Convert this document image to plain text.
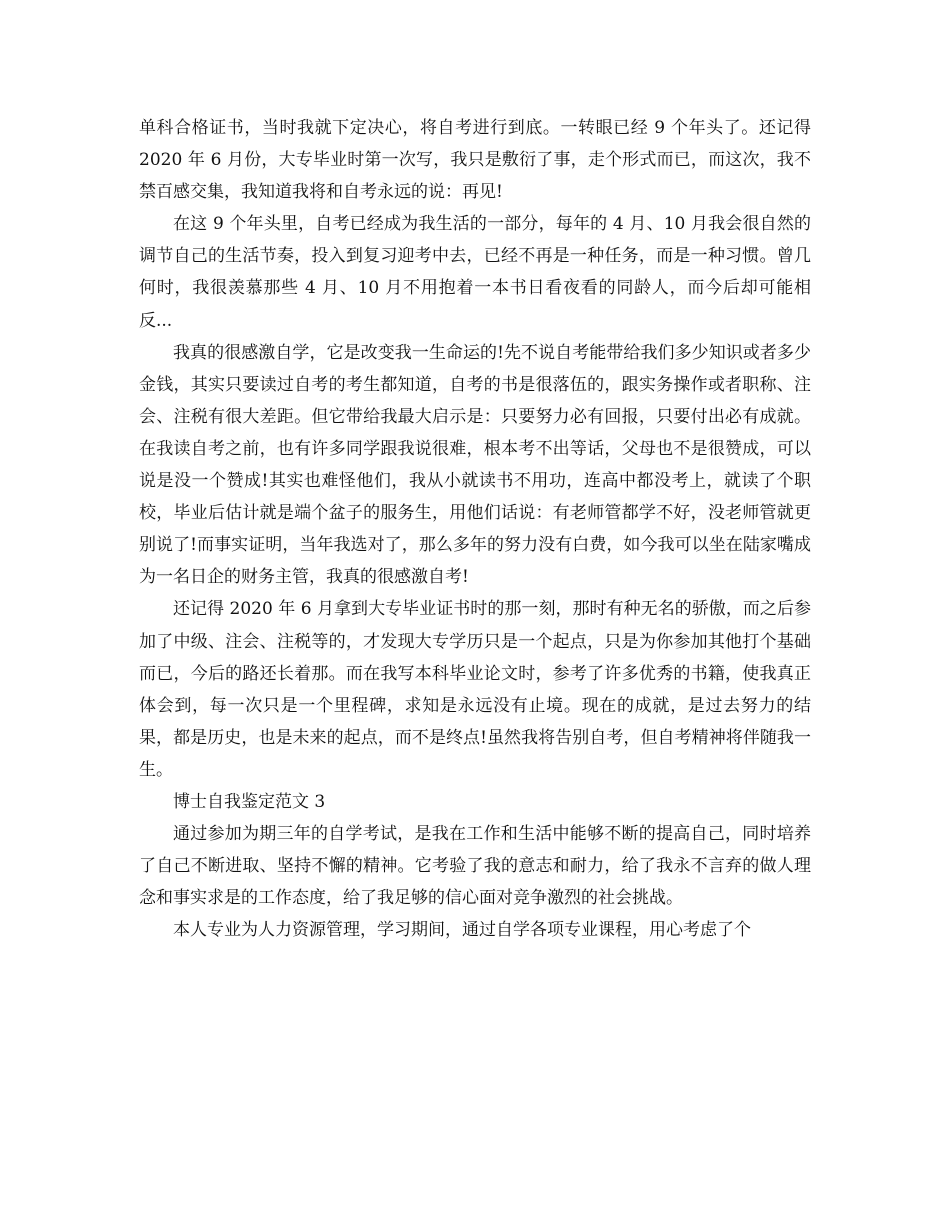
单科合格证书，当时我就下定决心，将自考进行到底。一转眼已经 9 个年头了。还记得 2020 年 6 月份，大专毕业时第一次写，我只是敷衍了事，走个形式而已，而这次，我不禁百感交集，我知道我将和自考永远的说：再见!

在这 9 个年头里，自考已经成为我生活的一部分，每年的 4 月、10 月我会很自然的调节自己的生活节奏，投入到复习迎考中去，已经不再是一种任务，而是一种习惯。曾几何时，我很羡慕那些 4 月、10 月不用抱着一本书日看夜看的同龄人，而今后却可能相反...

我真的很感激自学，它是改变我一生命运的!先不说自考能带给我们多少知识或者多少金钱，其实只要读过自考的考生都知道，自考的书是很落伍的，跟实务操作或者职称、注会、注税有很大差距。但它带给我最大启示是：只要努力必有回报，只要付出必有成就。在我读自考之前，也有许多同学跟我说很难，根本考不出等话，父母也不是很赞成，可以说是没一个赞成!其实也难怪他们，我从小就读书不用功，连高中都没考上，就读了个职校，毕业后估计就是端个盆子的服务生，用他们话说：有老师管都学不好，没老师管就更别说了!而事实证明，当年我选对了，那么多年的努力没有白费，如今我可以坐在陆家嘴成为一名日企的财务主管，我真的很感激自考!

还记得 2020 年 6 月拿到大专毕业证书时的那一刻，那时有种无名的骄傲，而之后参加了中级、注会、注税等的，才发现大专学历只是一个起点，只是为你参加其他打个基础而已，今后的路还长着那。而在我写本科毕业论文时，参考了许多优秀的书籍，使我真正体会到，每一次只是一个里程碑，求知是永远没有止境。现在的成就，是过去努力的结果，都是历史，也是未来的起点，而不是终点!虽然我将告别自考，但自考精神将伴随我一生。

博士自我鉴定范文 3

通过参加为期三年的自学考试，是我在工作和生活中能够不断的提高自己，同时培养了自己不断进取、坚持不懈的精神。它考验了我的意志和耐力，给了我永不言弃的做人理念和事实求是的工作态度，给了我足够的信心面对竞争激烈的社会挑战。

本人专业为人力资源管理，学习期间，通过自学各项专业课程，用心考虑了个
